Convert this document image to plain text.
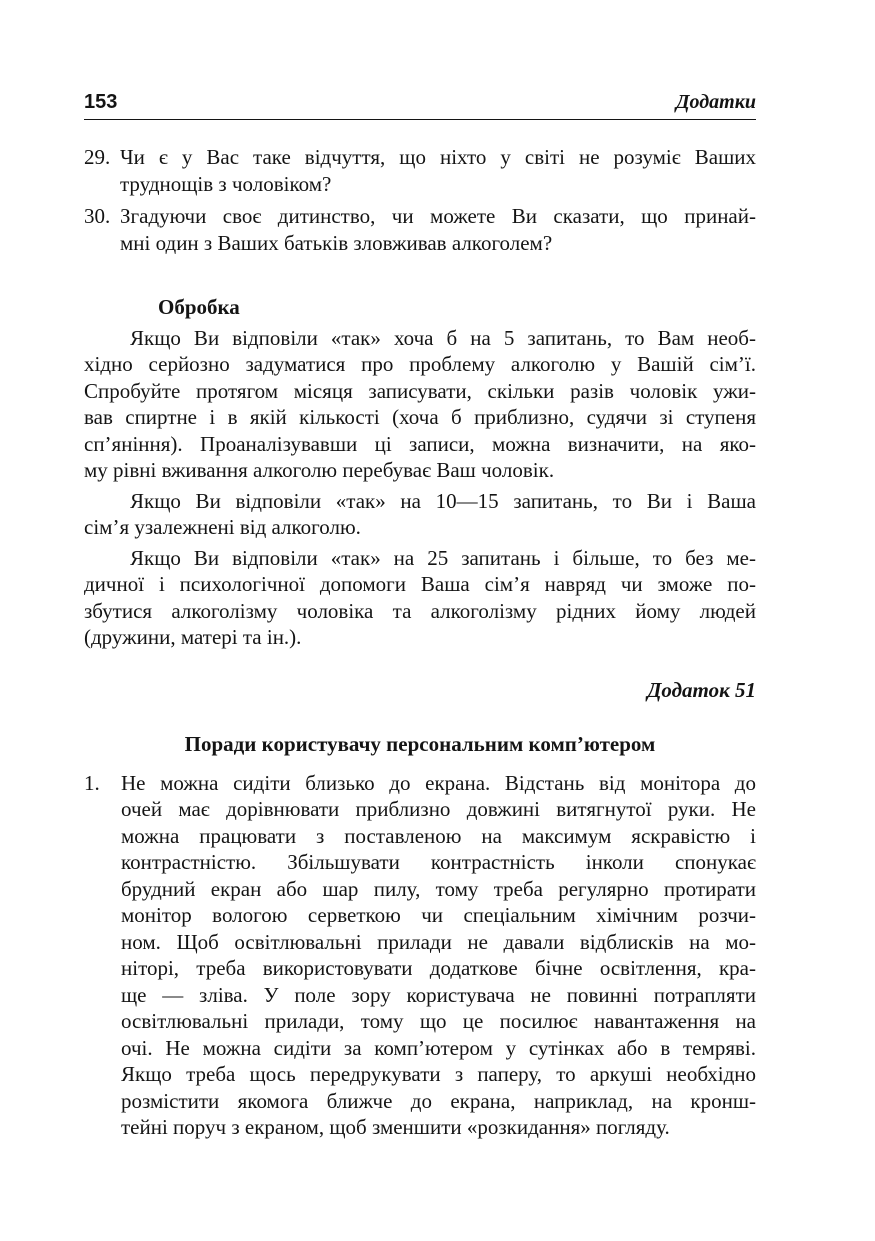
153	Додатки
29. Чи є у Вас таке відчуття, що ніхто у світі не розуміє Ваших
труднощів з чоловіком?
30. Згадуючи своє дитинство, чи можете Ви сказати, що принай-
мні один з Ваших батьків зловживав алкоголем?
Обробка
Якщо Ви відповіли «так» хоча б на 5 запитань, то Вам необ-
хідно серйозно задуматися про проблему алкоголю у Вашій сім’ї.
Спробуйте протягом місяця записувати, скільки разів чоловік ужи-
вав спиртне і в якій кількості (хоча б приблизно, судячи зі ступеня
сп’яніння). Проаналізувавши ці записи, можна визначити, на яко-
му рівні вживання алкоголю перебуває Ваш чоловік.
Якщо Ви відповіли «так» на 10—15 запитань, то Ви і Ваша
сім’я узалежнені від алкоголю.
Якщо Ви відповіли «так» на 25 запитань і більше, то без ме-
дичної і психологічної допомоги Ваша сім’я навряд чи зможе по-
збутися алкоголізму чоловіка та алкоголізму рідних йому людей
(дружини, матері та ін.).
Додаток 51
Поради користувачу персональним комп’ютером
1. Не можна сидіти близько до екрана. Відстань від монітора до
очей має дорівнювати приблизно довжині витягнутої руки. Не
можна працювати з поставленою на максимум яскравістю і
контрастністю. Збільшувати контрастність інколи спонукає
брудний екран або шар пилу, тому треба регулярно протирати
монітор вологою серветкою чи спеціальним хімічним розчи-
ном. Щоб освітлювальні прилади не давали відблисків на мо-
ніторі, треба використовувати додаткове бічне освітлення, кра-
ще — зліва. У поле зору користувача не повинні потрапляти
освітлювальні прилади, тому що це посилює навантаження на
очі. Не можна сидіти за комп’ютером у сутінках або в темряві.
Якщо треба щось передрукувати з паперу, то аркуші необхідно
розмістити якомога ближче до екрана, наприклад, на кронш-
тейні поруч з екраном, щоб зменшити «розкидання» погляду.
